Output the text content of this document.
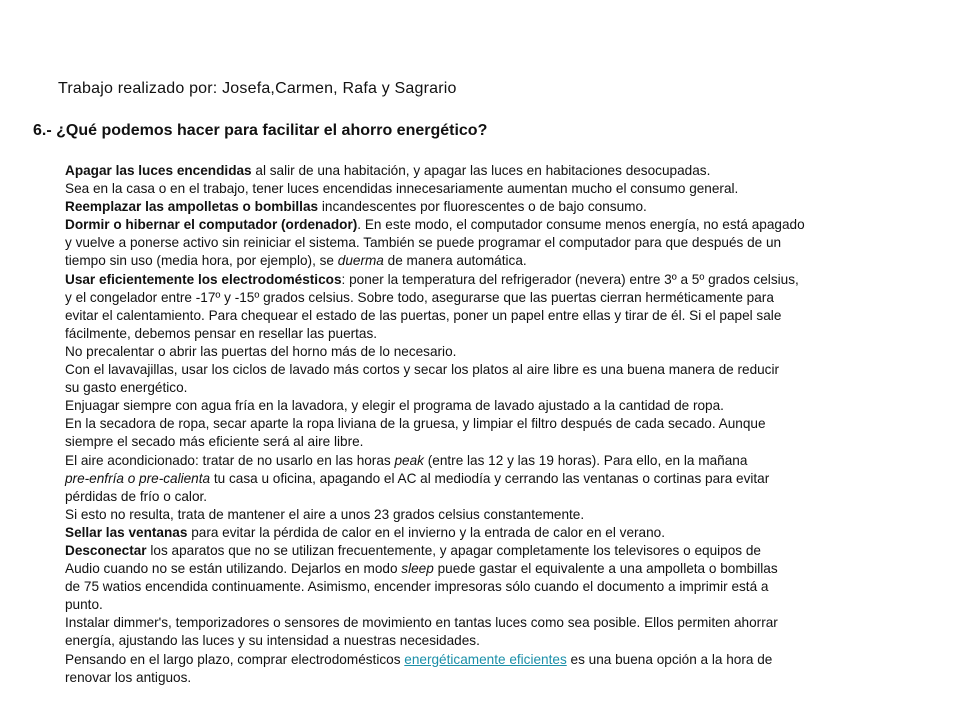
Trabajo realizado por: Josefa,Carmen, Rafa y Sagrario

6.- ¿Qué podemos hacer para facilitar el ahorro energético?
Apagar las luces encendidas al salir de una habitación, y apagar las luces en habitaciones desocupadas.
Sea en la casa o en el trabajo, tener luces encendidas innecesariamente aumentan mucho el consumo general.
Reemplazar las ampolletas o bombillas incandescentes por fluorescentes o de bajo consumo.
Dormir o hibernar el computador (ordenador). En este modo, el computador consume menos energía, no está apagado
y vuelve a ponerse activo sin reiniciar el sistema. También se puede programar el computador para que después de un
tiempo sin uso (media hora, por ejemplo), se duerma de manera automática.
Usar eficientemente los electrodomésticos: poner la temperatura del refrigerador (nevera) entre 3º a 5º grados celsius,
y el congelador entre -17º y -15º grados celsius. Sobre todo, asegurarse que las puertas cierran herméticamente para
evitar el calentamiento. Para chequear el estado de las puertas, poner un papel entre ellas y tirar de él. Si el papel sale
fácilmente, debemos pensar en resellar las puertas.
No precalentar o abrir las puertas del horno más de lo necesario.
Con el lavavajillas, usar los ciclos de lavado más cortos y secar los platos al aire libre es una buena manera de reducir
su gasto energético.
Enjuagar siempre con agua fría en la lavadora, y elegir el programa de lavado ajustado a la cantidad de ropa.
En la secadora de ropa, secar aparte la ropa liviana de la gruesa, y limpiar el filtro después de cada secado. Aunque
siempre el secado más eficiente será al aire libre.
El aire acondicionado: tratar de no usarlo en las horas peak (entre las 12 y las 19 horas). Para ello, en la mañana
pre-enfría o pre-calienta tu casa u oficina, apagando el AC al mediodía y cerrando las ventanas o cortinas para evitar
pérdidas de frío o calor.
Si esto no resulta, trata de mantener el aire a unos 23 grados celsius constantemente.
Sellar las ventanas para evitar la pérdida de calor en el invierno y la entrada de calor en el verano.
Desconectar los aparatos que no se utilizan frecuentemente, y apagar completamente los televisores o equipos de
Audio cuando no se están utilizando. Dejarlos en modo sleep puede gastar el equivalente a una ampolleta o bombillas
de 75 watios encendida continuamente. Asimismo, encender impresoras sólo cuando el documento a imprimir está a
punto.
Instalar dimmer's, temporizadores o sensores de movimiento en tantas luces como sea posible. Ellos permiten ahorrar
energía, ajustando las luces y su intensidad a nuestras necesidades.
Pensando en el largo plazo, comprar electrodomésticos energéticamente eficientes es una buena opción a la hora de
renovar los antiguos.
